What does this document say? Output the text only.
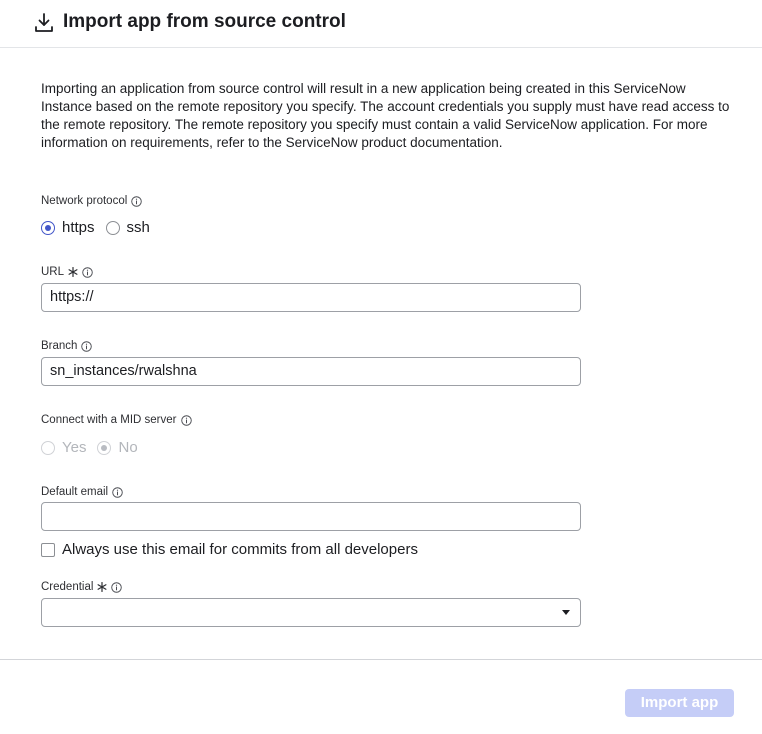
Import app from source control
Importing an application from source control will result in a new application being created in this ServiceNow Instance based on the remote repository you specify. The account credentials you supply must have read access to the remote repository. The remote repository you specify must contain a valid ServiceNow application. For more information on requirements, refer to the ServiceNow product documentation.
Network protocol
https ssh
URL
https://
Branch
sn_instances/rwalshna
Connect with a MID server
Yes No
Default email
Always use this email for commits from all developers
Credential
Import app
